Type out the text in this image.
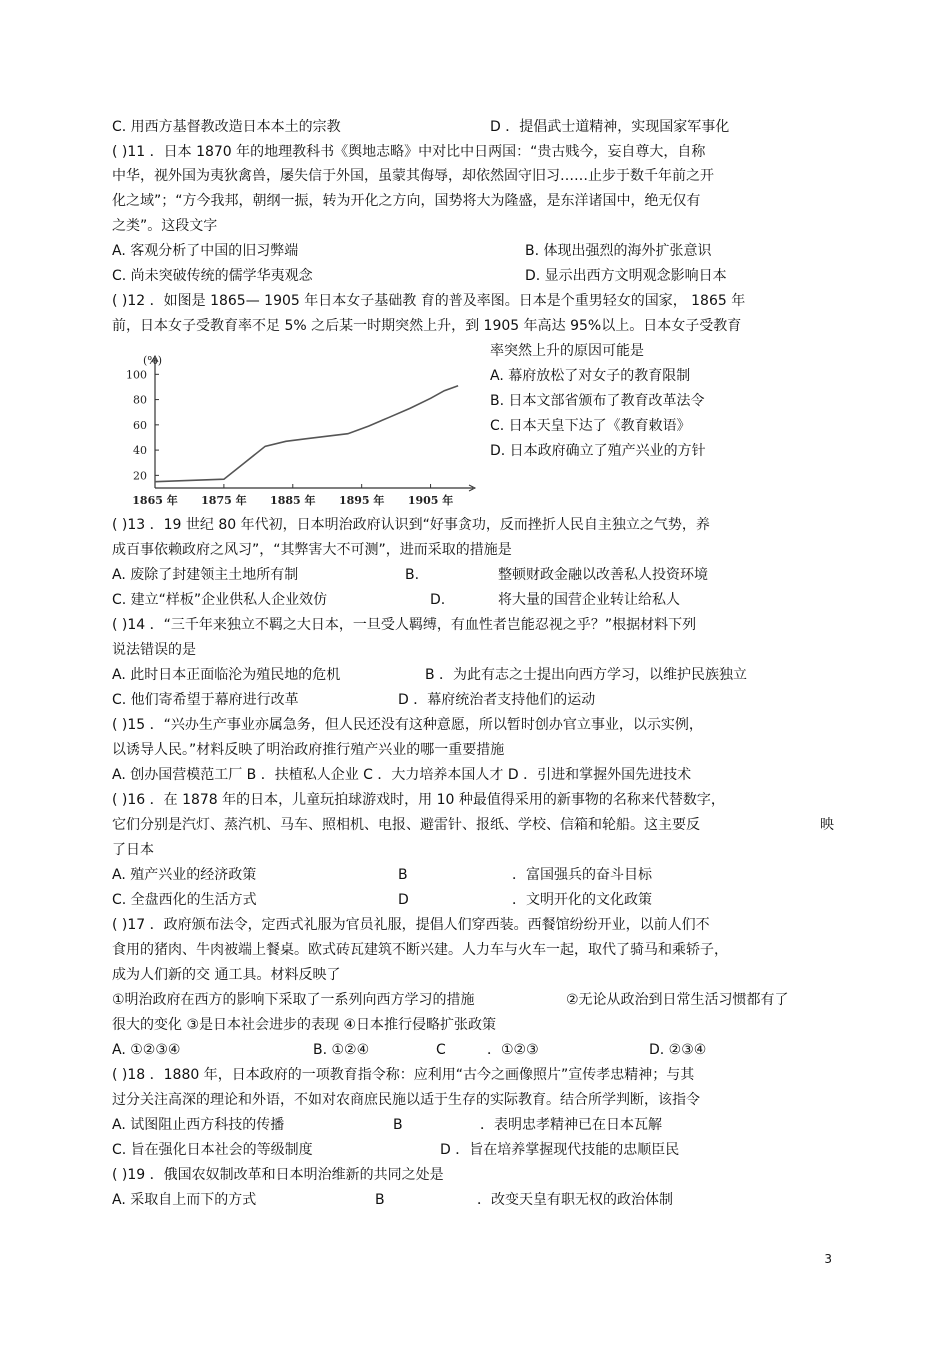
C. 用西方基督教改造日本本土的宗教	D ．提倡武士道精神，实现国家军事化
( )11 ．日本 1870 年的地理教科书《舆地志略》中对比中日两国：“贵古贱今，妄自尊大，自称
中华，视外国为夷狄禽兽，屡失信于外国，虽蒙其侮辱，却依然固守旧习……止步于数千年前之开
化之域”；“方今我邦，朝纲一振，转为开化之方向，国势将大为隆盛，是东洋诸国中，绝无仅有
之类”。这段文字
A. 客观分析了中国的旧习弊端	B. 体现出强烈的海外扩张意识
C. 尚未突破传统的儒学华夷观念	D. 显示出西方文明观念影响日本
( )12 ．如图是 1865— 1905 年日本女子基础教 育的普及率图。日本是个重男轻女的国家， 1865 年
前，日本女子受教育率不足 5% 之后某一时期突然上升，到 1905 年高达 95%以上。日本女子受教育
率突然上升的原因可能是
A. 幕府放松了对女子的教育限制
B. 日本文部省颁布了教育改革法令
C. 日本天皇下达了《教育敕语》
D. 日本政府确立了殖产兴业的方针
(%)
20
40
60
80
100
1865 年 1875 年 1885 年 1895 年 1905 年
( )13 ．19 世纪 80 年代初，日本明治政府认识到“好事贪功，反而挫折人民自主独立之气势，养
成百事依赖政府之风习”，“其弊害大不可测”，进而采取的措施是
A. 废除了封建领主土地所有制	B.	整顿财政金融以改善私人投资环境
C. 建立“样板”企业供私人企业效仿	D.	将大量的国营企业转让给私人
( )14 ．“三千年来独立不羁之大日本，一旦受人羁缚，有血性者岂能忍视之乎？”根据材料下列
说法错误的是
A. 此时日本正面临沦为殖民地的危机	B ．为此有志之士提出向西方学习，以维护民族独立
C. 他们寄希望于幕府进行改革	D ．幕府统治者支持他们的运动
( )15 ．“兴办生产事业亦属急务，但人民还没有这种意愿，所以暂时创办官立事业，以示实例，
以诱导人民。”材料反映了明治政府推行殖产兴业的哪一重要措施
A. 创办国营模范工厂 B ．扶植私人企业 C ．大力培养本国人才 D ．引进和掌握外国先进技术
( )16 ．在 1878 年的日本，儿童玩拍球游戏时，用 10 种最值得采用的新事物的名称来代替数字，
它们分别是汽灯、蒸汽机、马车、照相机、电报、避雷针、报纸、学校、信箱和轮船。这主要反	映
了日本
A. 殖产兴业的经济政策	B	．富国强兵的奋斗目标
C. 全盘西化的生活方式	D	．文明开化的文化政策
( )17 ．政府颁布法令，定西式礼服为官员礼服，提倡人们穿西装。西餐馆纷纷开业，以前人们不
食用的猪肉、牛肉被端上餐桌。欧式砖瓦建筑不断兴建。人力车与火车一起，取代了骑马和乘轿子，
成为人们新的交 通工具。材料反映了
①明治政府在西方的影响下采取了一系列向西方学习的措施	②无论从政治到日常生活习惯都有了
很大的变化 ③是日本社会进步的表现 ④日本推行侵略扩张政策
A. ①②③④	B. ①②④	C	．①②③	D. ②③④
( )18 ．1880 年，日本政府的一项教育指令称：应利用“古今之画像照片”宣传孝忠精神；与其
过分关注高深的理论和外语，不如对农商庶民施以适于生存的实际教育。结合所学判断，该指令
A. 试图阻止西方科技的传播	B	．表明忠孝精神已在日本瓦解
C. 旨在强化日本社会的等级制度	D ．旨在培养掌握现代技能的忠顺臣民
( )19 ．俄国农奴制改革和日本明治维新的共同之处是
A. 采取自上而下的方式	B	．改变天皇有职无权的政治体制
3
